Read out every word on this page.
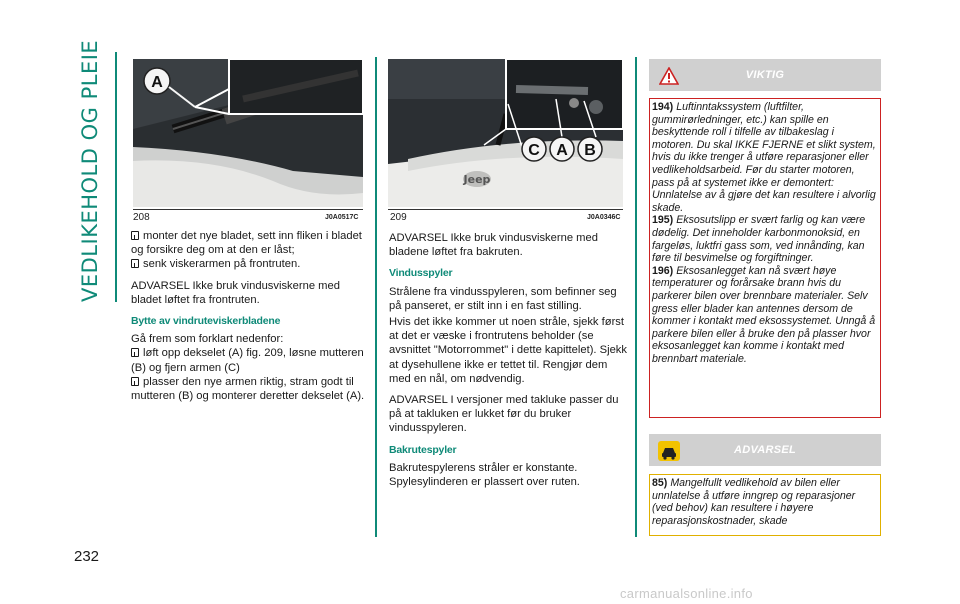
VEDLIKEHOLD OG PLEIE
232
A
208	J0A0517C
Jeep
C A B
209	J0A0346C

monter det nye bladet, sett inn fliken i bladet og forsikre deg om at den er låst;
senk viskerarmen på frontruten.

ADVARSEL Ikke bruk vindusviskerne med bladet løftet fra frontruten.

Bytte av vindruteviskerbladene
Gå frem som forklart nedenfor:
løft opp dekselet (A) fig. 209, løsne mutteren (B) og fjern armen (C)
plasser den nye armen riktig, stram godt til mutteren (B) og monterer deretter dekselet (A).

ADVARSEL Ikke bruk vindusviskerne med bladene løftet fra bakruten.

Vindusspyler

Strålene fra vindusspyleren, som befinner seg på panseret, er stilt inn i en fast stilling.

Hvis det ikke kommer ut noen stråle, sjekk først at det er væske i frontrutens beholder (se avsnittet "Motorrommet" i dette kapittelet). Sjekk at dysehullene ikke er tettet til. Rengjør dem med en nål, om nødvendig.

ADVARSEL I versjoner med takluke passer du på at takluken er lukket før du bruker vindusspyleren.

Bakrutespyler

Bakrutespylerens stråler er konstante. Spylesylinderen er plassert over ruten.

VIKTIG
194) Luftinntakssystem (luftfilter, gummirørledninger, etc.) kan spille en beskyttende roll i tilfelle av tilbakeslag i motoren. Du skal IKKE FJERNE et slikt system, hvis du ikke trenger å utføre reparasjoner eller vedlikeholdsarbeid. Før du starter motoren, pass på at systemet ikke er demontert: Unnlatelse av å gjøre det kan resultere i alvorlig skade.
195) Eksosutslipp er svært farlig og kan være dødelig. Det inneholder karbonmonoksid, en fargeløs, luktfri gass som, ved innånding, kan føre til besvimelse og forgiftninger.
196) Eksosanlegget kan nå svært høye temperaturer og forårsake brann hvis du parkerer bilen over brennbare materialer. Selv gress eller blader kan antennes dersom de kommer i kontakt med eksossystemet. Unngå å parkere bilen eller å bruke den på plasser hvor eksosanlegget kan komme i kontakt med brennbart materiale.
ADVARSEL
85) Mangelfullt vedlikehold av bilen eller unnlatelse å utføre inngrep og reparasjoner (ved behov) kan resultere i høyere reparasjonskostnader, skade
carmanualsonline.info
